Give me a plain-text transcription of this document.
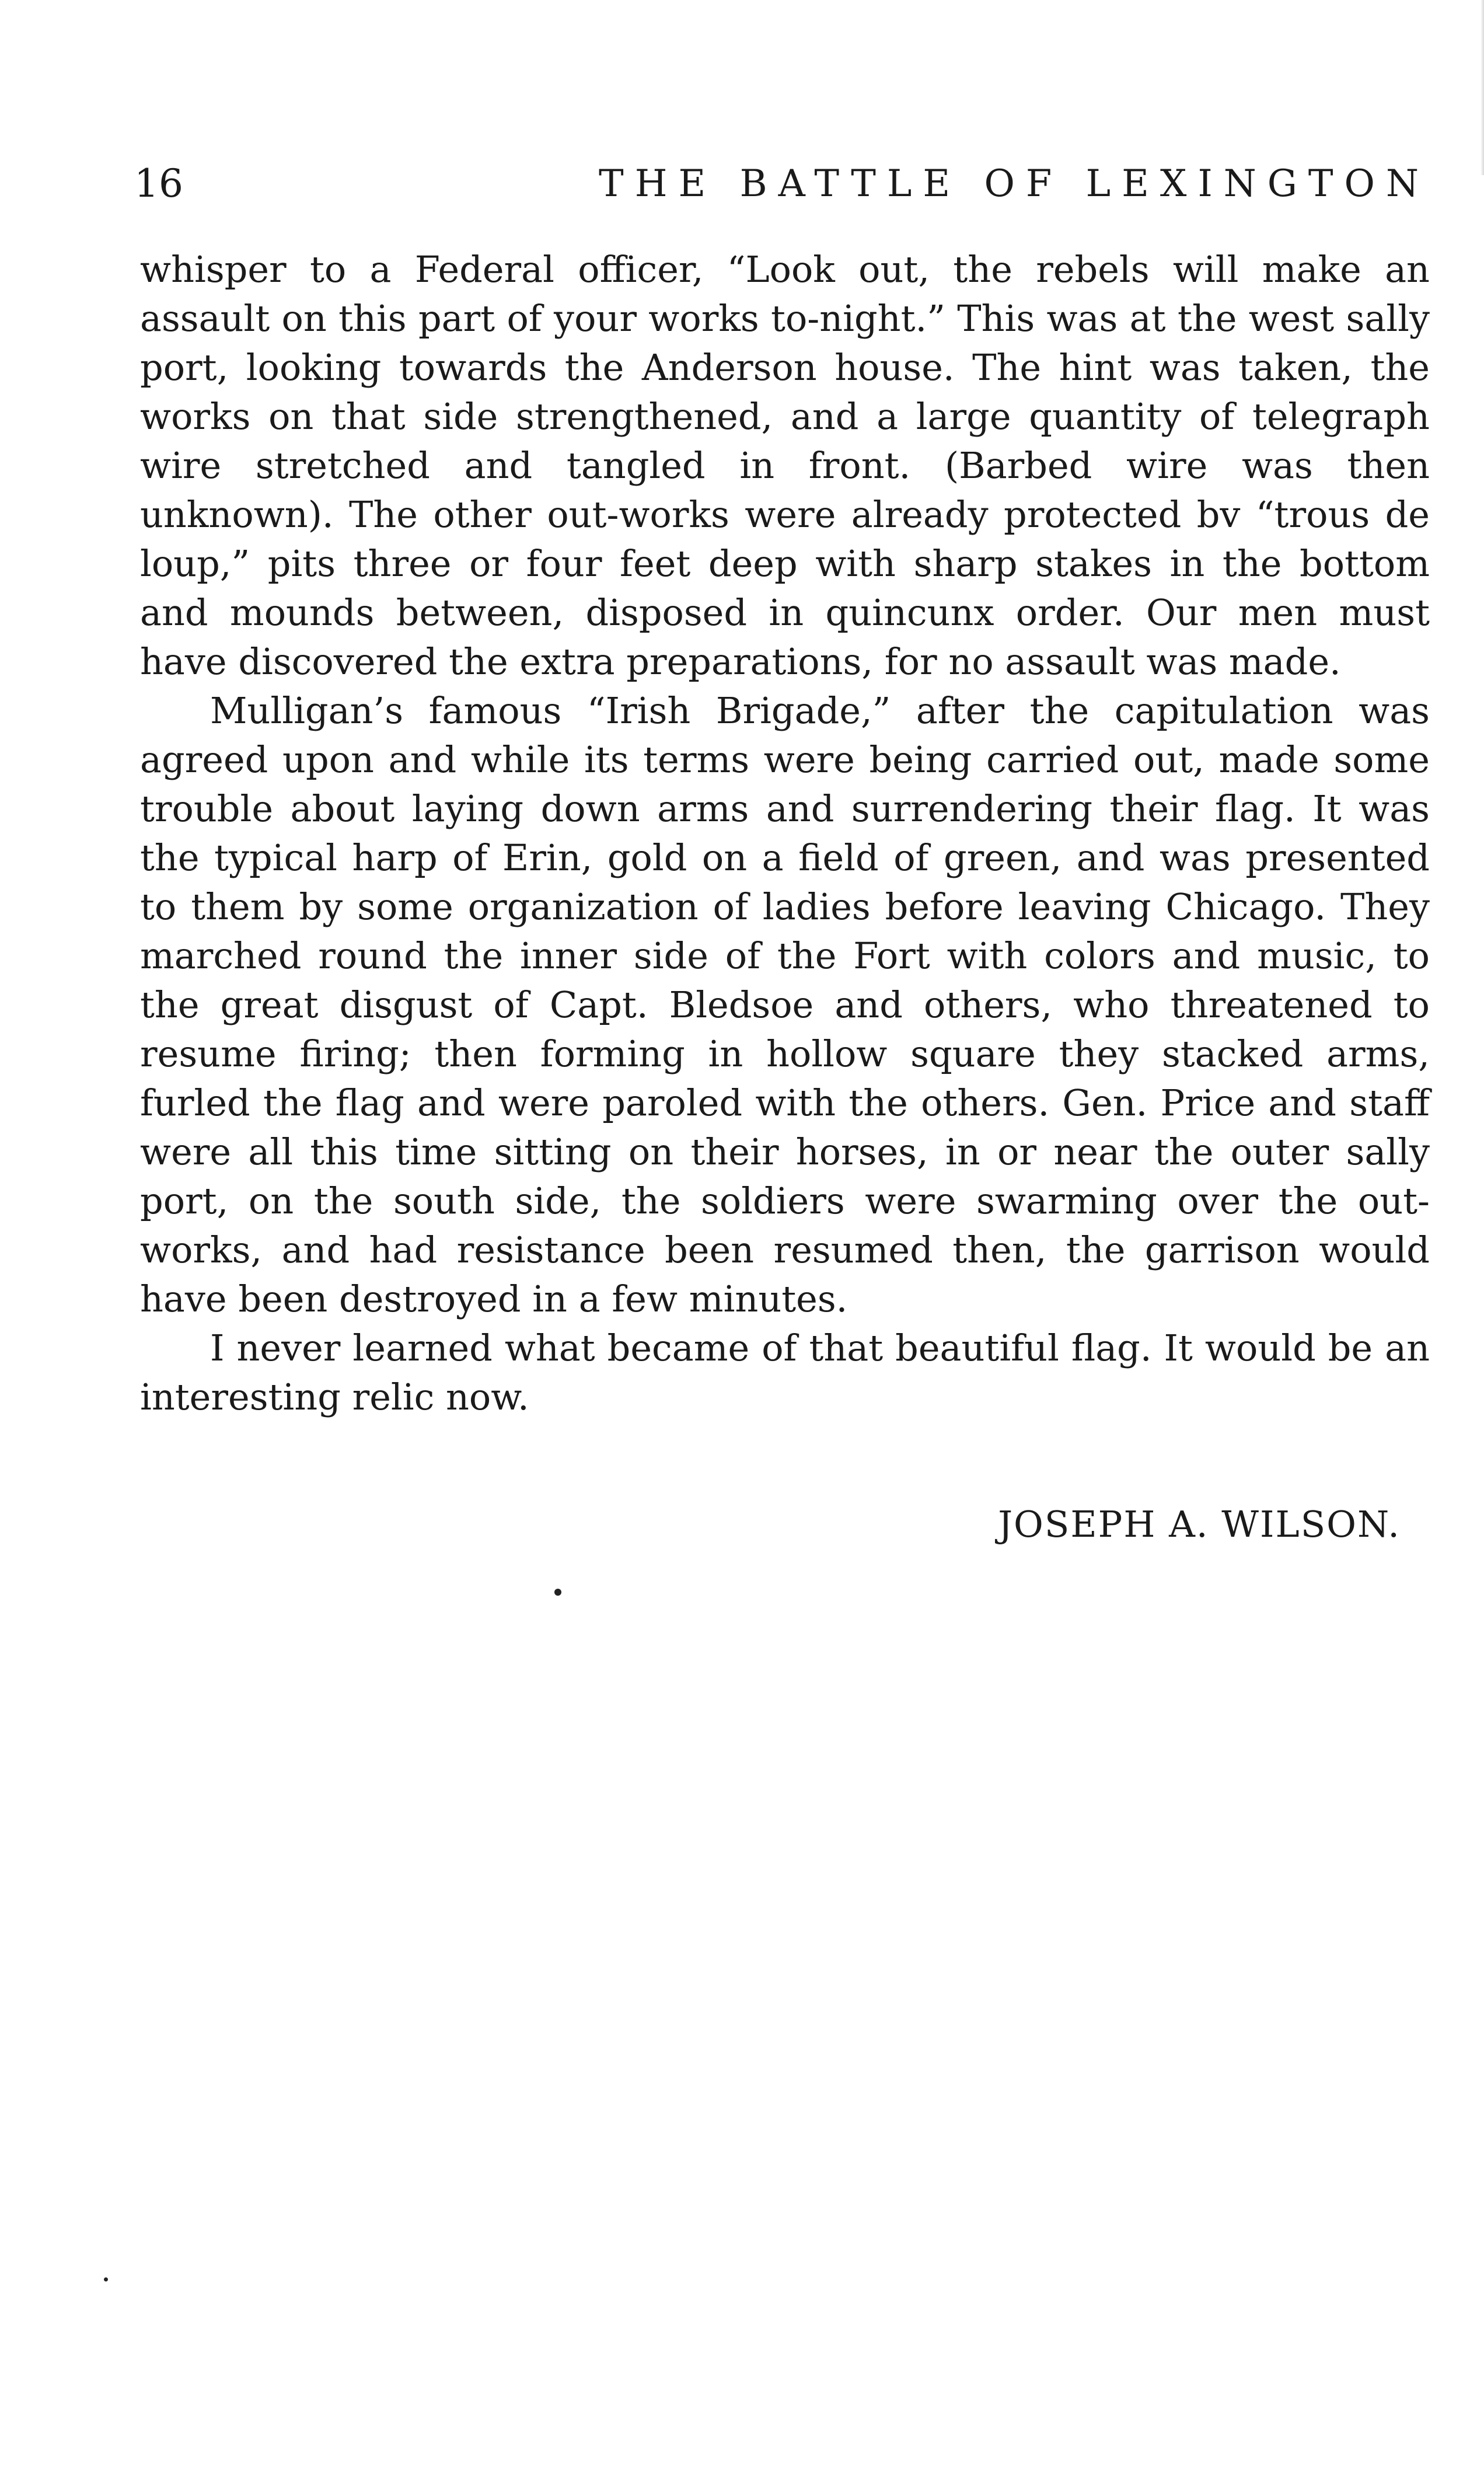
16	THE BATTLE OF LEXINGTON

whisper to a Federal officer, “Look out, the rebels will make an assault on this part of your works to-night.” This was at the west sally port, looking towards the Anderson house. The hint was taken, the works on that side strengthened, and a large quantity of telegraph wire stretched and tangled in front. (Barbed wire was then unknown). The other out-works were already protected bv “trous de loup,” pits three or four feet deep with sharp stakes in the bottom and mounds between, disposed in quincunx order. Our men must have discovered the extra preparations, for no assault was made.

Mulligan’s famous “Irish Brigade,” after the capitulation was agreed upon and while its terms were being carried out, made some trouble about laying down arms and surrendering their flag. It was the typical harp of Erin, gold on a field of green, and was presented to them by some organization of ladies before leaving Chicago. They marched round the inner side of the Fort with colors and music, to the great disgust of Capt. Bledsoe and others, who threatened to resume firing; then forming in hollow square they stacked arms, furled the flag and were paroled with the others. Gen. Price and staff were all this time sitting on their horses, in or near the outer sally port, on the south side, the soldiers were swarming over the out-works, and had resistance been resumed then, the garrison would have been destroyed in a few minutes.

I never learned what became of that beautiful flag. It would be an interesting relic now.

JOSEPH A. WILSON.
